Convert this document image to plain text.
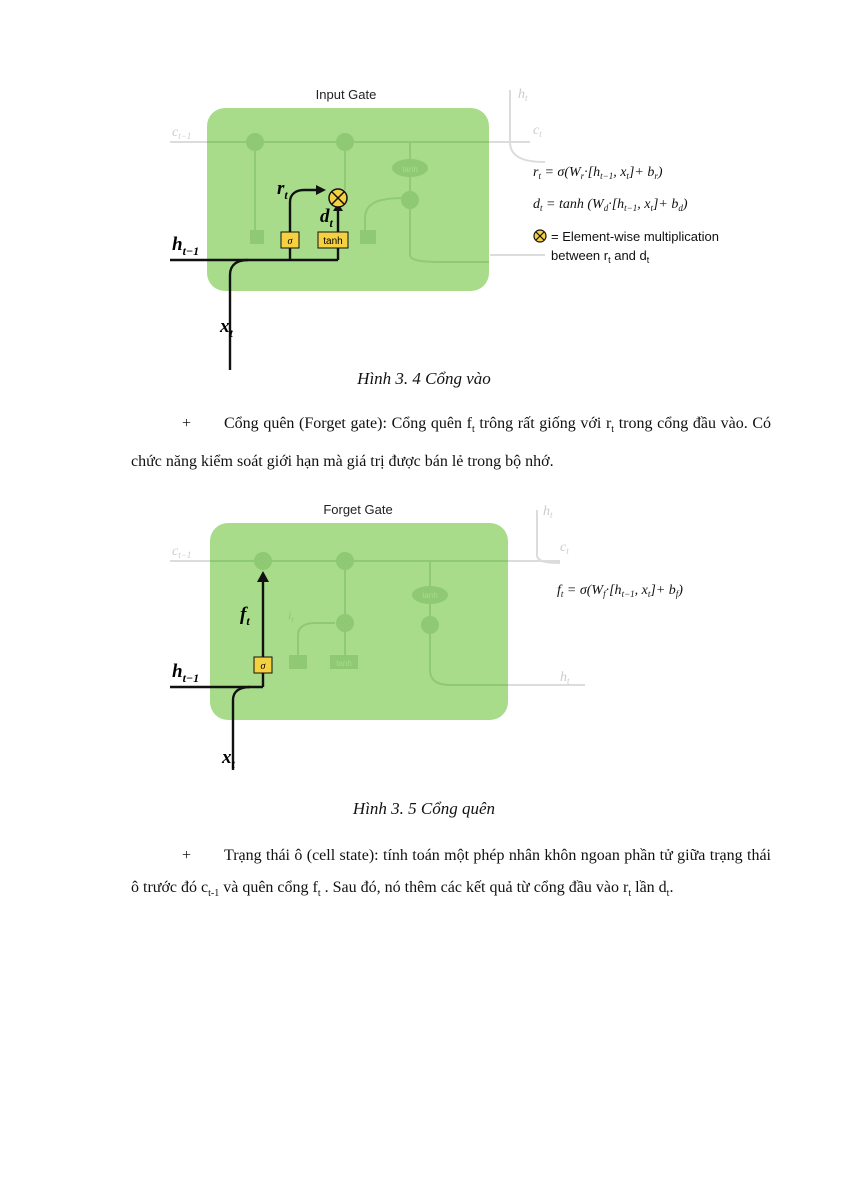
tanh
$c_{t-1}$	$c_t$
$h_t$
Input Gate
σ	tanh
$r_t$
$d_t$
$h_{t-1}$
$x_t$
$r_t = \sigma(W_r\cdot[h_{t-1}$, $x_t]+ b_r$)
$d_t = \tanh (W_d\cdot[h_{t-1}$, $x_t]+ b_d$)
= Element-wise multiplication
between $r_t$ and $d_t$
Hình 3. 4 Cổng vào
+ Cổng quên (Forget gate): Cổng quên $f_t$ trông rất giống với $r_t$ trong cổng đầu vào. Có chức năng kiểm soát giới hạn mà giá trị được bán lẻ trong bộ nhớ.
tanh
tanh
$c_{t-1}$	$c_t$
$h_t$
$h_t$
$i_t$
Forget Gate
σ
$f_t$
$h_{t-1}$
$x_t$
$f_t = \sigma(W_f\cdot[h_{t-1}$, $x_t]+ b_f$)
Hình 3. 5 Cổng quên
+ Trạng thái ô (cell state): tính toán một phép nhân khôn ngoan phần tử giữa trạng thái ô trước đó $c_{t-1}$ và quên cổng $f_t$ . Sau đó, nó thêm các kết quả từ cổng đầu vào $r_t$ lần $d_t$.
